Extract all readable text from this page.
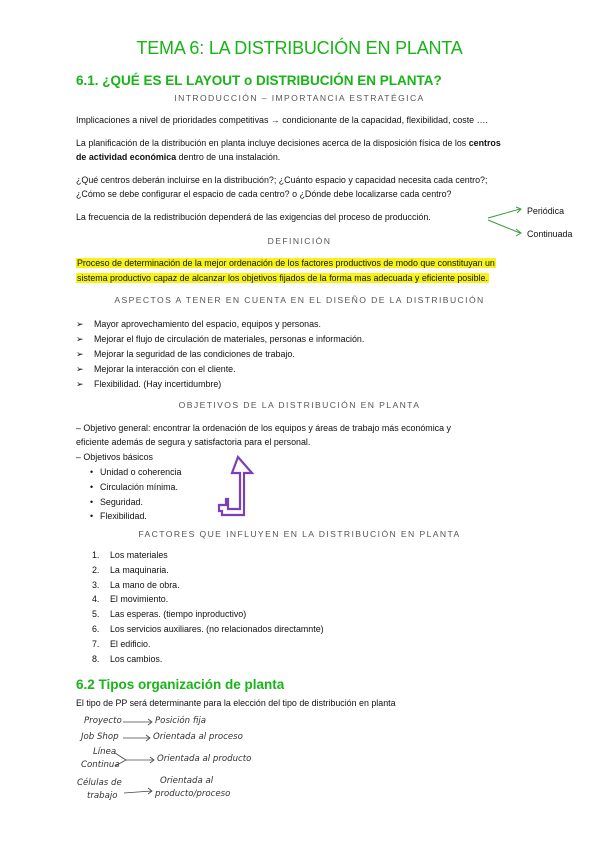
TEMA 6: LA DISTRIBUCIÓN EN PLANTA
6.1. ¿QUÉ ES EL LAYOUT o DISTRIBUCIÓN EN PLANTA?
INTRODUCCIÓN – IMPORTANCIA ESTRATÉGICA
Implicaciones a nivel de prioridades competitivas → condicionante de la capacidad, flexibilidad, coste ….
La planificación de la distribución en planta incluye decisiones acerca de la disposición física de los centros
de actividad económica dentro de una instalación.
¿Qué centros deberán incluirse en la distribución?; ¿Cuánto espacio y capacidad necesita cada centro?;
¿Cómo se debe configurar el espacio de cada centro? o ¿Dónde debe localizarse cada centro?
La frecuencia de la redistribución dependerá de las exigencias del proceso de producción.
Periódica
Continuada
DEFINICIÓN
Proceso de determinación de la mejor ordenación de los factores productivos de modo que constituyan un
sistema productivo capaz de alcanzar los objetivos fijados de la forma mas adecuada y eficiente posible.
ASPECTOS A TENER EN CUENTA EN EL DISEÑO DE LA DISTRIBUCIÓN
➢ Mayor aprovechamiento del espacio, equipos y personas.
➢ Mejorar el flujo de circulación de materiales, personas e información.
➢ Mejorar la seguridad de las condiciones de trabajo.
➢ Mejorar la interacción con el cliente.
➢ Flexibilidad. (Hay incertidumbre)
OBJETIVOS DE LA DISTRIBUCIÓN EN PLANTA
– Objetivo general: encontrar la ordenación de los equipos y áreas de trabajo más económica y
eficiente además de segura y satisfactoria para el personal.
– Objetivos básicos
• Unidad o coherencia
• Circulación mínima.
• Seguridad.
• Flexibilidad.
FACTORES QUE INFLUYEN EN LA DISTRIBUCIÓN EN PLANTA
1. Los materiales
2. La maquinaria.
3. La mano de obra.
4. El movimiento.
5. Las esperas. (tiempo inproductivo)
6. Los servicios auxiliares. (no relacionados directamnte)
7. El edificio.
8. Los cambios.
6.2 Tipos organización de planta
El tipo de PP será determinante para la elección del tipo de distribución en planta
Proyecto	Posición fija
Job Shop	Orientada al proceso
Línea
Continua
Orientada al producto
Células de
trabajo
Orientada al
producto/proceso
